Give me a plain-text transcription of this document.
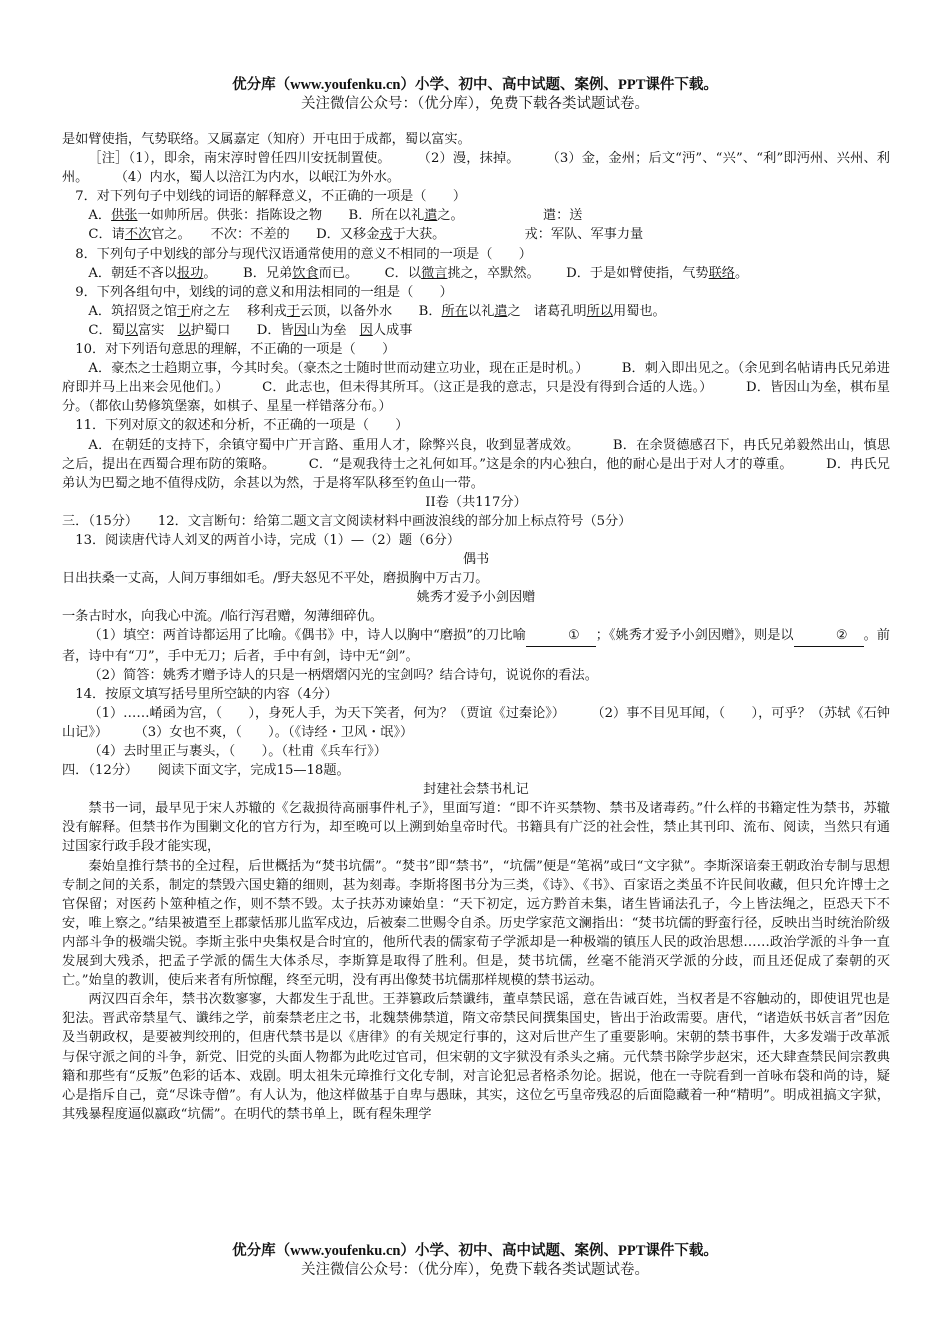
优分库（www.youfenku.cn）小学、初中、高中试题、案例、PPT课件下载。
关注微信公众号：（优分库），免费下载各类试题试卷。

是如臂使指，气势联络。又属嘉定（知府）开屯田于成都，蜀以富实。

［注］（1），即余，南宋淳时曾任四川安抚制置使。　　　（2）漫，抹掉。　　　（3）金，金州；后文“沔”、“兴”、“利”即沔州、兴州、利州。　　　（4）内水，蜀人以涪江为内水，以岷江为外水。

7．对下列句子中划线的词语的解释意义，不正确的一项是（　　）

A．供张一如帅所居。供张：指陈设之物 B．所在以礼遣之。	遣：送

C．请不次官之。　　不次：不差的 D．又移金戎于大获。	戎：军队、军事力量

8．下列句子中划线的部分与现代汉语通常使用的意义不相同的一项是（　　）

A．朝廷不吝以报功。 B．兄弟饮食而已。 C．以微言挑之，卒默然。 D．于是如臂使指，气势联络。

9．下列各组句中，划线的词的意义和用法相同的一组是（　　）

A．筑招贤之馆于府之左　 移利戎于云顶，以备外水 B．所在以礼遣之　诸葛孔明所以用蜀也。

C．蜀以富实　以护蜀口 D．皆因山为垒　因人成事

10．对下列语句意思的理解，不正确的一项是（　　）

A．豪杰之士趋期立事，今其时矣。（豪杰之士随时世而动建立功业，现在正是时机。）　　　B．刺入即出见之。（余见到名帖请冉氏兄弟进府即并马上出来会见他们。）　　　C．此志也，但未得其所耳。（这正是我的意志，只是没有得到合适的人选。）　　　D．皆因山为垒，棋布星分。（都依山势修筑堡寨，如棋子、星星一样错落分布。）

11．下列对原文的叙述和分析，不正确的一项是（　　）

A．在朝廷的支持下，余镇守蜀中广开言路、重用人才，除弊兴良，收到显著成效。　　　B．在余贤德感召下，冉氏兄弟毅然出山，慎思之后，提出在西蜀合理布防的策略。　　　C．“是观我待士之礼何如耳。”这是余的内心独白，他的耐心是出于对人才的尊重。　　　D．冉氏兄弟认为巴蜀之地不值得戍防，余甚以为然，于是将军队移至钓鱼山一带。

II卷（共117分）

三．（15分）　　12．文言断句：给第二题文言文阅读材料中画波浪线的部分加上标点符号（5分）

13．阅读唐代诗人刘叉的两首小诗，完成（1）—（2）题（6分）

偶书

日出扶桑一丈高，人间万事细如毛。/野夫怒见不平处，磨损胸中万古刀。

姚秀才爱予小剑因赠

一条古时水，向我心中流。/临行泻君赠，匆薄细碎仇。

（1）填空：两首诗都运用了比喻。《偶书》中，诗人以胸中“磨损”的刀比喻	① ；《姚秀才爱予小剑因赠》，则是以	② 。前者，诗中有“刀”，手中无刀；后者，手中有剑，诗中无“剑”。

（2）简答：姚秀才赠予诗人的只是一柄熠熠闪光的宝剑吗？结合诗句，说说你的看法。

14．按原文填写括号里所空缺的内容（4分）

（1）……崤函为宫，（　　），身死人手，为天下笑者，何为？（贾谊《过秦论》）　　　（2）事不目见耳闻，（　　），可乎？（苏轼《石钟山记》）　　　（3）女也不爽，（　　）。（《诗经・卫风・氓》）

（4）去时里正与裹头，（　　）。（杜甫《兵车行》）

四．（12分）　　阅读下面文字，完成15—18题。

封建社会禁书札记

禁书一词，最早见于宋人苏辙的《乞裁损待高丽事件札子》，里面写道：“即不许买禁物、禁书及诸毒药。”什么样的书籍定性为禁书，苏辙没有解释。但禁书作为围剿文化的官方行为，却至晚可以上溯到始皇帝时代。书籍具有广泛的社会性，禁止其刊印、流布、阅读，当然只有通过国家行政手段才能实现，

秦始皇推行禁书的全过程，后世概括为“焚书坑儒”。“焚书”即“禁书”，“坑儒”便是“笔祸”或曰“文字狱”。李斯深谙秦王朝政治专制与思想专制之间的关系，制定的禁毁六国史籍的细则，甚为刻毒。李斯将图书分为三类，《诗》、《书》、百家语之类虽不许民间收藏，但只允许博士之官保留；对医药卜筮种植之作，则不禁不毁。太子扶苏劝谏始皇：“天下初定，远方黔首未集，诸生皆诵法孔子，今上皆法绳之，臣恐天下不安，唯上察之。”结果被遣至上郡蒙恬那儿监军戍边，后被秦二世赐令自杀。历史学家范文澜指出：“焚书坑儒的野蛮行径，反映出当时统治阶级内部斗争的极端尖锐。李斯主张中央集权是合时宜的，他所代表的儒家荀子学派却是一种极端的镇压人民的政治思想……政治学派的斗争一直发展到大残杀，把孟子学派的儒生大体杀尽，李斯算是取得了胜利。但是，焚书坑儒，丝毫不能消灭学派的分歧，而且还促成了秦朝的灭亡。”始皇的教训，使后来者有所惊醒，终至元明，没有再出像焚书坑儒那样规模的禁书运动。

两汉四百余年，禁书次数寥寥，大都发生于乱世。王莽篡政后禁谶纬，董卓禁民谣，意在告诫百姓，当权者是不容触动的，即使诅咒也是犯法。晋武帝禁星气、谶纬之学，前秦禁老庄之书，北魏禁佛禁道，隋文帝禁民间撰集国史，皆出于治政需要。唐代，“诸造妖书妖言者”因危及当朝政权，是要被判绞刑的，但唐代禁书是以《唐律》的有关规定行事的，这对后世产生了重要影响。宋朝的禁书事件，大多发端于改革派与保守派之间的斗争，新党、旧党的头面人物都为此吃过官司，但宋朝的文字狱没有杀头之痛。元代禁书除学步赵宋，还大肆查禁民间宗教典籍和那些有“反叛”色彩的话本、戏剧。明太祖朱元璋推行文化专制，对言论犯忌者格杀勿论。据说，他在一寺院看到一首咏布袋和尚的诗，疑心是指斥自己，竟“尽诛寺僧”。有人认为，他这样做基于自卑与愚昧，其实，这位乞丐皇帝残忍的后面隐藏着一种“精明”。明成祖搞文字狱，其残暴程度逼似嬴政“坑儒”。在明代的禁书单上，既有程朱理学

优分库（www.youfenku.cn）小学、初中、高中试题、案例、PPT课件下载。
关注微信公众号：（优分库），免费下载各类试题试卷。
